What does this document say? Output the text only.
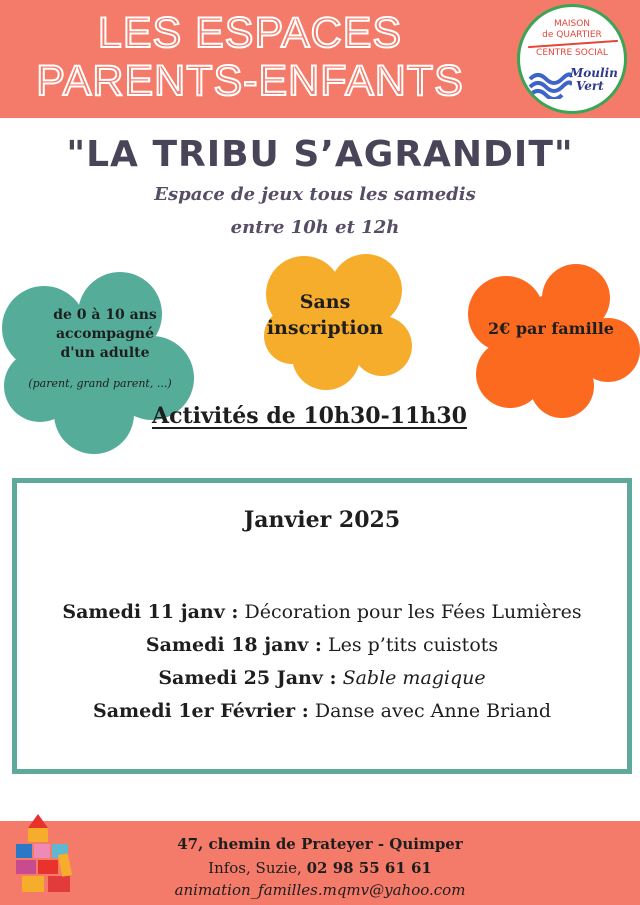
LES ESPACES
PARENTS-ENFANTS
MAISON
de QUARTIER
CENTRE SOCIAL
Moulin
Vert
"LA TRIBU S’AGRANDIT"
Espace de jeux tous les samedis
entre 10h et 12h
de 0 à 10 ans
accompagné
d'un adulte
(parent, grand parent, ...)
Sans
inscription	2€ par famille
Activités de 10h30-11h30
Janvier 2025
Samedi 11 janv : Décoration pour les Fées Lumières
Samedi 18 janv : Les p’tits cuistots
Samedi 25 Janv : Sable magique
Samedi 1er Février : Danse avec Anne Briand
47, chemin de Prateyer - Quimper
Infos, Suzie, 02 98 55 61 61
animation_familles.mqmv@yahoo.com
